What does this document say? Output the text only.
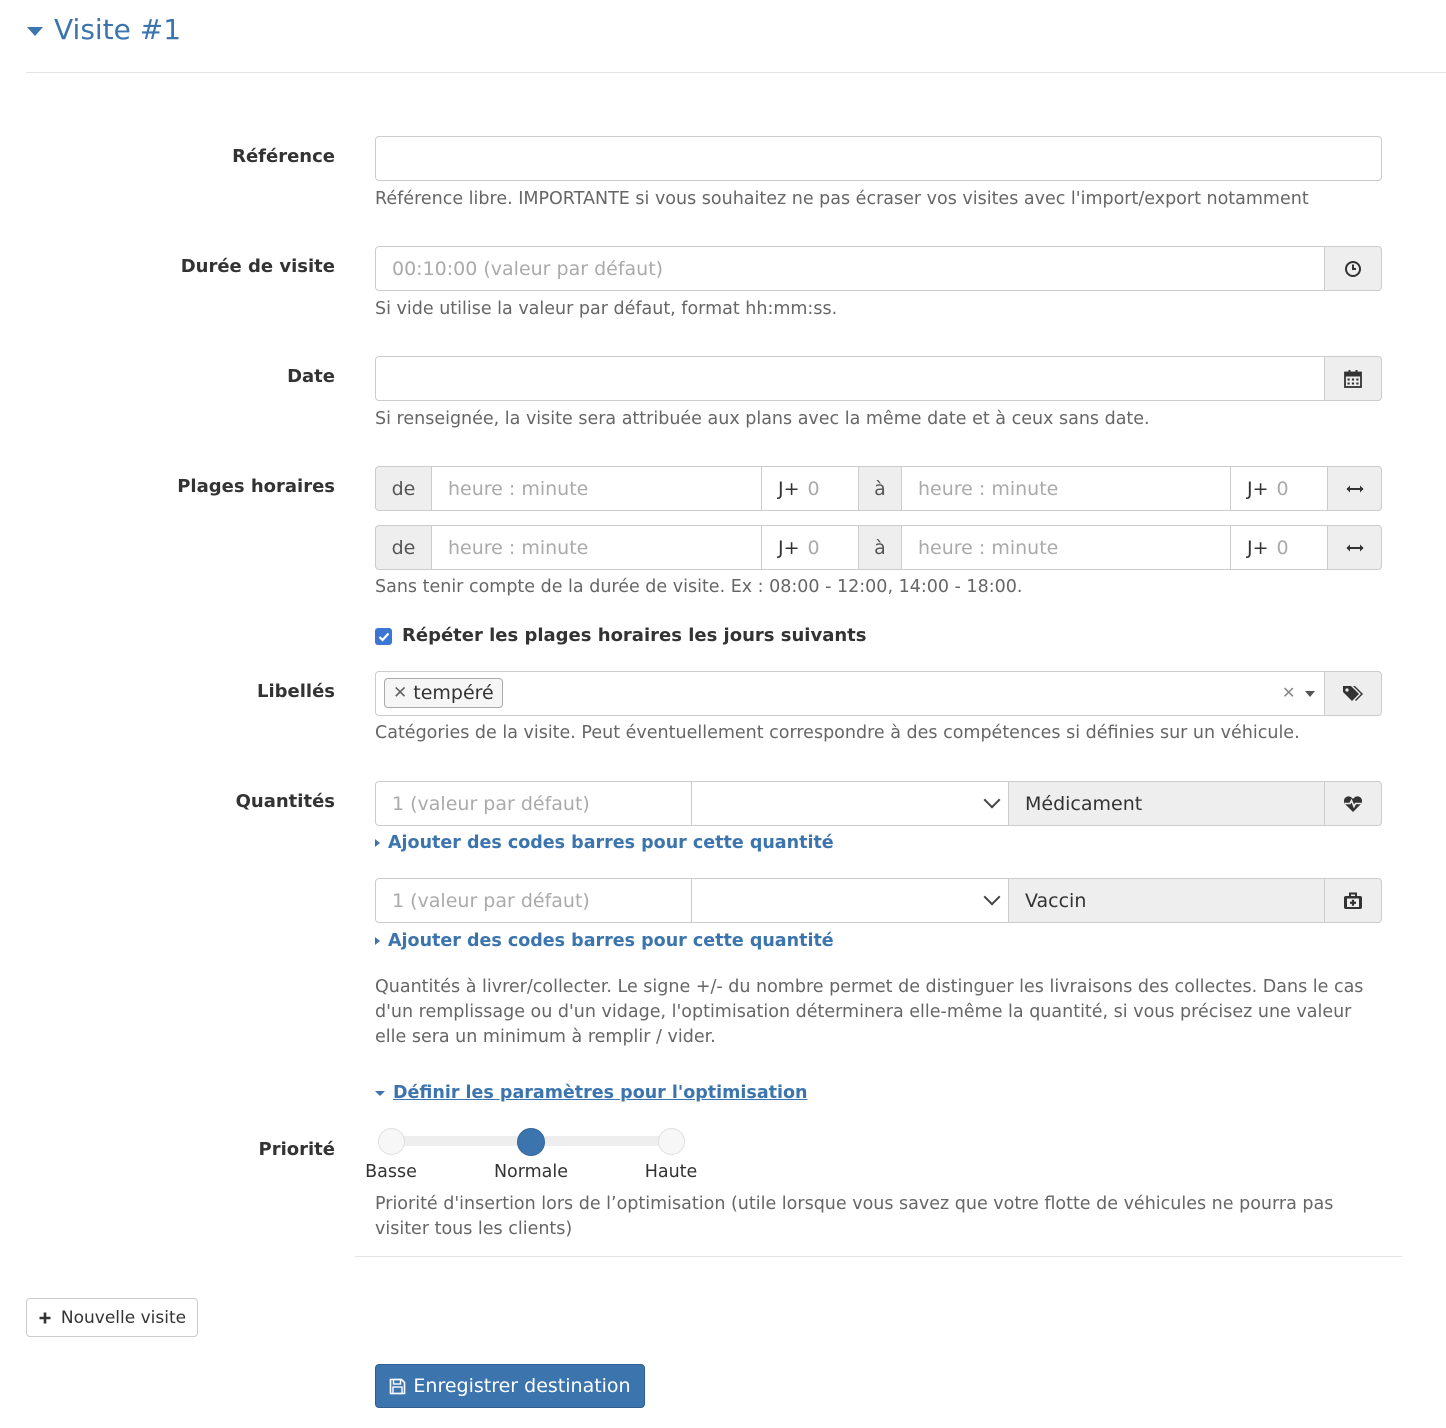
Visite #1
Référence
Référence libre. IMPORTANTE si vous souhaitez ne pas écraser vos visites avec l'import/export notamment
Durée de visite	00:10:00 (valeur par défaut)
Si vide utilise la valeur par défaut, format hh:mm:ss.
Date
Si renseignée, la visite sera attribuée aux plans avec la même date et à ceux sans date.
Plages horaires	de	heure : minute	J+ 0	à	heure : minute	J+ 0
de	heure : minute	J+ 0	à	heure : minute	J+ 0
Sans tenir compte de la durée de visite. Ex : 08:00 - 12:00, 14:00 - 18:00.
Répéter les plages horaires les jours suivants
Libellés	✕ tempéré	✕
Catégories de la visite. Peut éventuellement correspondre à des compétences si définies sur un véhicule.
Quantités	1 (valeur par défaut)	Médicament
Ajouter des codes barres pour cette quantité
1 (valeur par défaut)	Vaccin
Ajouter des codes barres pour cette quantité
Quantités à livrer/collecter. Le signe +/- du nombre permet de distinguer les livraisons des collectes. Dans le cas d'un remplissage ou d'un vidage, l'optimisation déterminera elle-même la quantité, si vous précisez une valeur elle sera un minimum à remplir / vider.
Définir les paramètres pour l'optimisation
Priorité
Basse	Normale	Haute
Priorité d'insertion lors de l’optimisation (utile lorsque vous savez que votre flotte de véhicules ne pourra pas visiter tous les clients)
Nouvelle visite
Enregistrer destination
